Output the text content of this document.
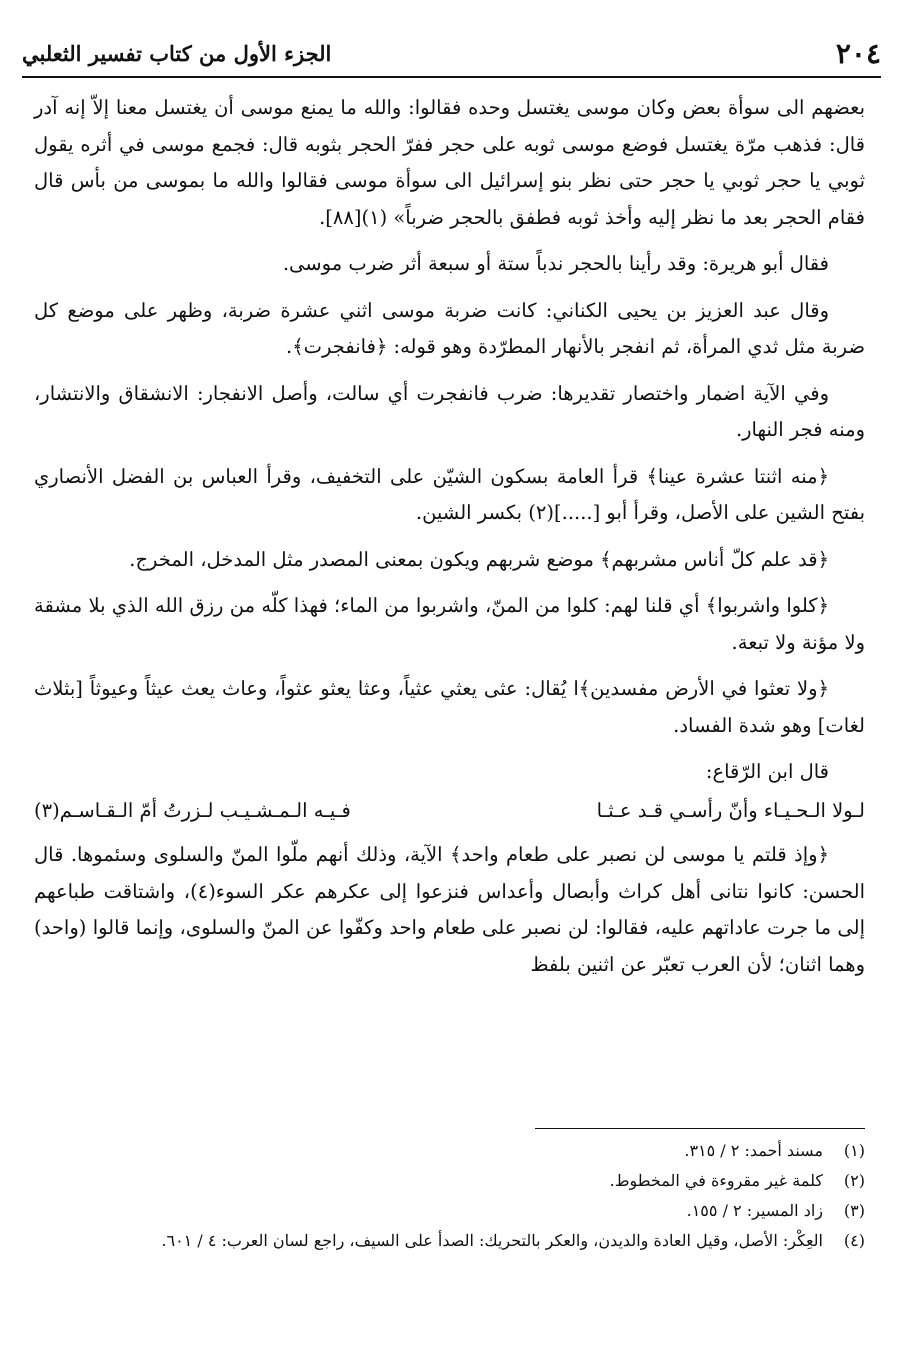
٢٠٤
الجزء الأول من كتاب تفسير الثعلبي

بعضهم الى سوأة بعض وكان موسى يغتسل وحده فقالوا: والله ما يمنع موسى أن يغتسل معنا إلاّ إنه آدر قال: فذهب مرّة يغتسل فوضع موسى ثوبه على حجر ففرّ الحجر بثوبه قال: فجمع موسى في أثره يقول ثوبي يا حجر ثوبي يا حجر حتى نظر بنو إسرائيل الى سوأة موسى فقالوا والله ما بموسى من بأس قال فقام الحجر بعد ما نظر إليه وأخذ ثوبه فطفق بالحجر ضرباً» (١)[٨٨].

فقال أبو هريرة: وقد رأينا بالحجر ندباً ستة أو سبعة أثر ضرب موسى.

وقال عبد العزيز بن يحيى الكناني: كانت ضربة موسى اثني عشرة ضربة، وظهر على موضع كل ضربة مثل ثدي المرأة، ثم انفجر بالأنهار المطرّدة وهو قوله: ﴿فانفجرت﴾.

وفي الآية اضمار واختصار تقديرها: ضرب فانفجرت أي سالت، وأصل الانفجار: الانشقاق والانتشار، ومنه فجر النهار.

﴿منه اثنتا عشرة عينا﴾ قرأ العامة بسكون الشيّن على التخفيف، وقرأ العباس بن الفضل الأنصاري بفتح الشين على الأصل، وقرأ أبو [.....](٢) بكسر الشين.

﴿قد علم كلّ أناس مشربهم﴾ موضع شربهم ويكون بمعنى المصدر مثل المدخل، المخرج.

﴿كلوا واشربوا﴾ أي قلنا لهم: كلوا من المنّ، واشربوا من الماء؛ فهذا كلّه من رزق الله الذي بلا مشقة ولا مؤنة ولا تبعة.

﴿ولا تعثوا في الأرض مفسدين﴾ا يُقال: عثى يعثي عثياً، وعثا يعثو عثواً، وعاث يعث عيثاً وعيوثاً [بثلاث لغات] وهو شدة الفساد.

قال ابن الرّقاع:

لـولا الـحـيـاء وأنّ رأسـي قـد عـثـا
فـيـه الـمـشـيـب لـزرتُ أمّ الـقـاسـم(٣)

﴿وإذ قلتم يا موسى لن نصبر على طعام واحد﴾ الآية، وذلك أنهم ملّوا المنّ والسلوى وسئموها. قال الحسن: كانوا نتانى أهل كراث وأبصال وأعداس فنزعوا إلى عكرهم عكر السوء(٤)، واشتاقت طباعهم إلى ما جرت عاداتهم عليه، فقالوا: لن نصبر على طعام واحد وكفّوا عن المنّ والسلوى، وإنما قالوا (واحد) وهما اثنان؛ لأن العرب تعبّر عن اثنين بلفظ

(١)
مسند أحمد: ٢ / ٣١٥.
(٢)
كلمة غير مقروءة في المخطوط.
(٣)
زاد المسير: ٢ / ١٥٥.
(٤)
العِكْر: الأصل، وقيل العادة والديدن، والعكر بالتحريك: الصدأ على السيف، راجع لسان العرب: ٤ / ٦٠١.
